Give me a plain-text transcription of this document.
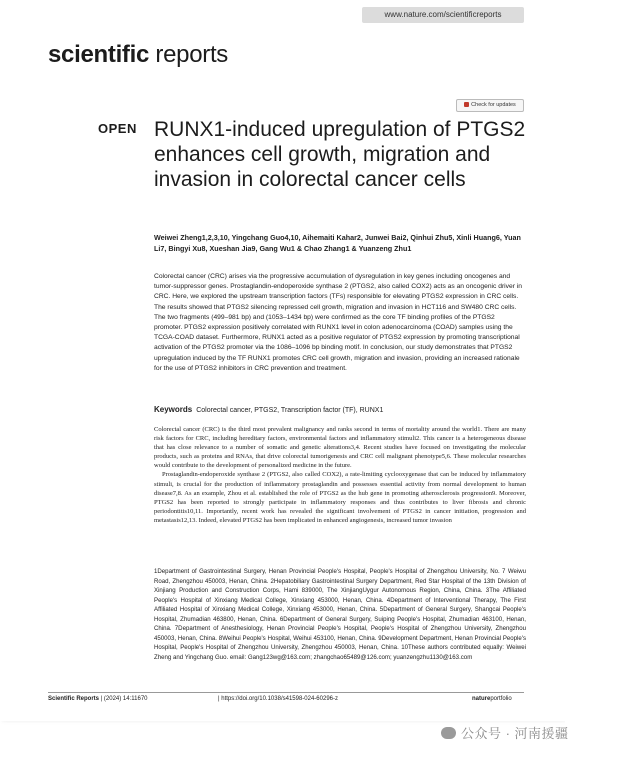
www.nature.com/scientificreports
scientific reports
Check for updates
OPEN RUNX1-induced upregulation of PTGS2 enhances cell growth, migration and invasion in colorectal cancer cells
Weiwei Zheng1,2,3,10, Yingchang Guo4,10, Aihemaiti Kahar2, Junwei Bai2, Qinhui Zhu5, Xinli Huang6, Yuan Li7, Bingyi Xu8, Xueshan Jia9, Gang Wu1 & Chao Zhang1 & Yuanzeng Zhu1
Colorectal cancer (CRC) arises via the progressive accumulation of dysregulation in key genes including oncogenes and tumor-suppressor genes. Prostaglandin-endoperoxide synthase 2 (PTGS2, also called COX2) acts as an oncogenic driver in CRC. Here, we explored the upstream transcription factors (TFs) responsible for elevating PTGS2 expression in CRC cells. The results showed that PTGS2 silencing repressed cell growth, migration and invasion in HCT116 and SW480 CRC cells. The two fragments (499–981 bp) and (1053–1434 bp) were confirmed as the core TF binding profiles of the PTGS2 promoter. PTGS2 expression positively correlated with RUNX1 level in colon adenocarcinoma (COAD) samples using the TCGA-COAD dataset. Furthermore, RUNX1 acted as a positive regulator of PTGS2 expression by promoting transcriptional activation of the PTGS2 promoter via the 1086–1096 bp binding motif. In conclusion, our study demonstrates that PTGS2 upregulation induced by the TF RUNX1 promotes CRC cell growth, migration and invasion, providing an increased rationale for the use of PTGS2 inhibitors in CRC prevention and treatment.
Keywords Colorectal cancer, PTGS2, Transcription factor (TF), RUNX1

Colorectal cancer (CRC) is the third most prevalent malignancy and ranks second in terms of mortality around the world1. There are many risk factors for CRC, including hereditary factors, environmental factors and inflammatory stimuli2. This cancer is a heterogeneous disease that has close relevance to a number of somatic and genetic alterations3,4. Recent studies have focused on investigating the molecular products, such as proteins and RNAs, that drive colorectal tumorigenesis and CRC cell malignant phenotype5,6. These molecular researches would contribute to the development of personalized medicine in the future.

Prostaglandin-endoperoxide synthase 2 (PTGS2, also called COX2), a rate-limiting cyclooxygenase that can be induced by inflammatory stimuli, is crucial for the production of inflammatory prostaglandin and possesses essential activity from normal development to human disease7,8. As an example, Zhou et al. established the role of PTGS2 as the hub gene in promoting atherosclerosis progression9. Moreover, PTGS2 has been reported to strongly participate in inflammatory responses and thus contributes to liver fibrosis and chronic periodontitis10,11. Importantly, recent work has revealed the significant involvement of PTGS2 in cancer initiation, progression and metastasis12,13. Indeed, elevated PTGS2 has been implicated in enhanced angiogenesis, increased tumor invasion

1Department of Gastrointestinal Surgery, Henan Provincial People's Hospital, People's Hospital of Zhengzhou University, No. 7 Weiwu Road, Zhengzhou 450003, Henan, China. 2Hepatobiliary Gastrointestinal Surgery Department, Red Star Hospital of the 13th Division of Xinjiang Production and Construction Corps, Hami 839000, The XinjiangUygur Autonomous Region, China, China. 3The Affiliated People's Hospital of Xinxiang Medical College, Xinxiang 453000, Henan, China. 4Department of Interventional Therapy, The First Affiliated Hospital of Xinxiang Medical College, Xinxiang 453000, Henan, China. 5Department of General Surgery, Shangcai People's Hospital, Zhumadian 463800, Henan, China. 6Department of General Surgery, Suiping People's Hospital, Zhumadian 463100, Henan, China. 7Department of Anesthesiology, Henan Provincial People's Hospital, People's Hospital of Zhengzhou University, Zhengzhou 450003, Henan, China. 8Weihui People's Hospital, Weihui 453100, Henan, China. 9Development Department, Henan Provincial People's Hospital, People's Hospital of Zhengzhou University, Zhengzhou 450003, Henan, China. 10These authors contributed equally: Weiwei Zheng and Yingchang Guo. email: Gang123wg@163.com; zhangchao65489@126.com; yuanzengzhu1130@163.com
Scientific Reports | (2024) 14:11670	| https://doi.org/10.1038/s41598-024-60296-z	natureportfolio
公众号 · 河南援疆
